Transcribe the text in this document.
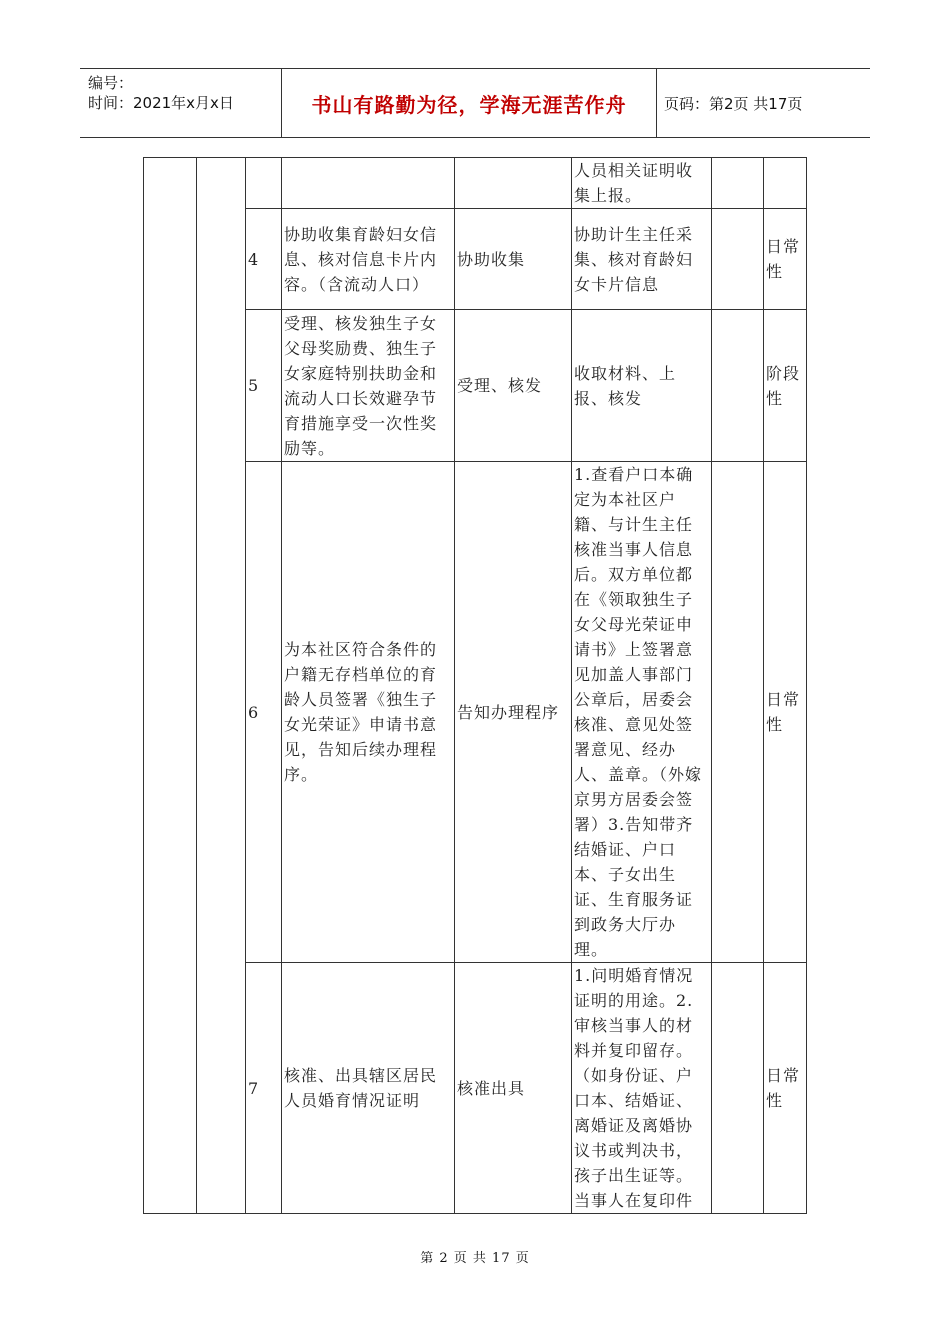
编号：
时间：2021年x月x日	书山有路勤为径，学海无涯苦作舟	页码：第2页 共17页
					人员相关证明收集上报。		
		4	协助收集育龄妇女信息、核对信息卡片内容。（含流动人口）	协助收集	协助计生主任采集、核对育龄妇女卡片信息		日常性
		5	受理、核发独生子女父母奖励费、独生子女家庭特别扶助金和流动人口长效避孕节育措施享受一次性奖励等。	受理、核发	收取材料、上报、核发		阶段性
		6	为本社区符合条件的户籍无存档单位的育龄人员签署《独生子女光荣证》申请书意见，告知后续办理程序。	告知办理程序	1.查看户口本确定为本社区户籍、与计生主任核准当事人信息后。双方单位都在《领取独生子女父母光荣证申请书》上签署意见加盖人事部门公章后，居委会核准、意见处签署意见、经办人、盖章。（外嫁京男方居委会签署）3.告知带齐结婚证、户口本、子女出生证、生育服务证到政务大厅办理。		日常性
		7	核准、出具辖区居民人员婚育情况证明	核准出具	1.问明婚育情况证明的用途。2.审核当事人的材料并复印留存。（如身份证、户口本、结婚证、离婚证及离婚协议书或判决书，孩子出生证等。当事人在复印件		日常性
第 2 页 共 17 页
